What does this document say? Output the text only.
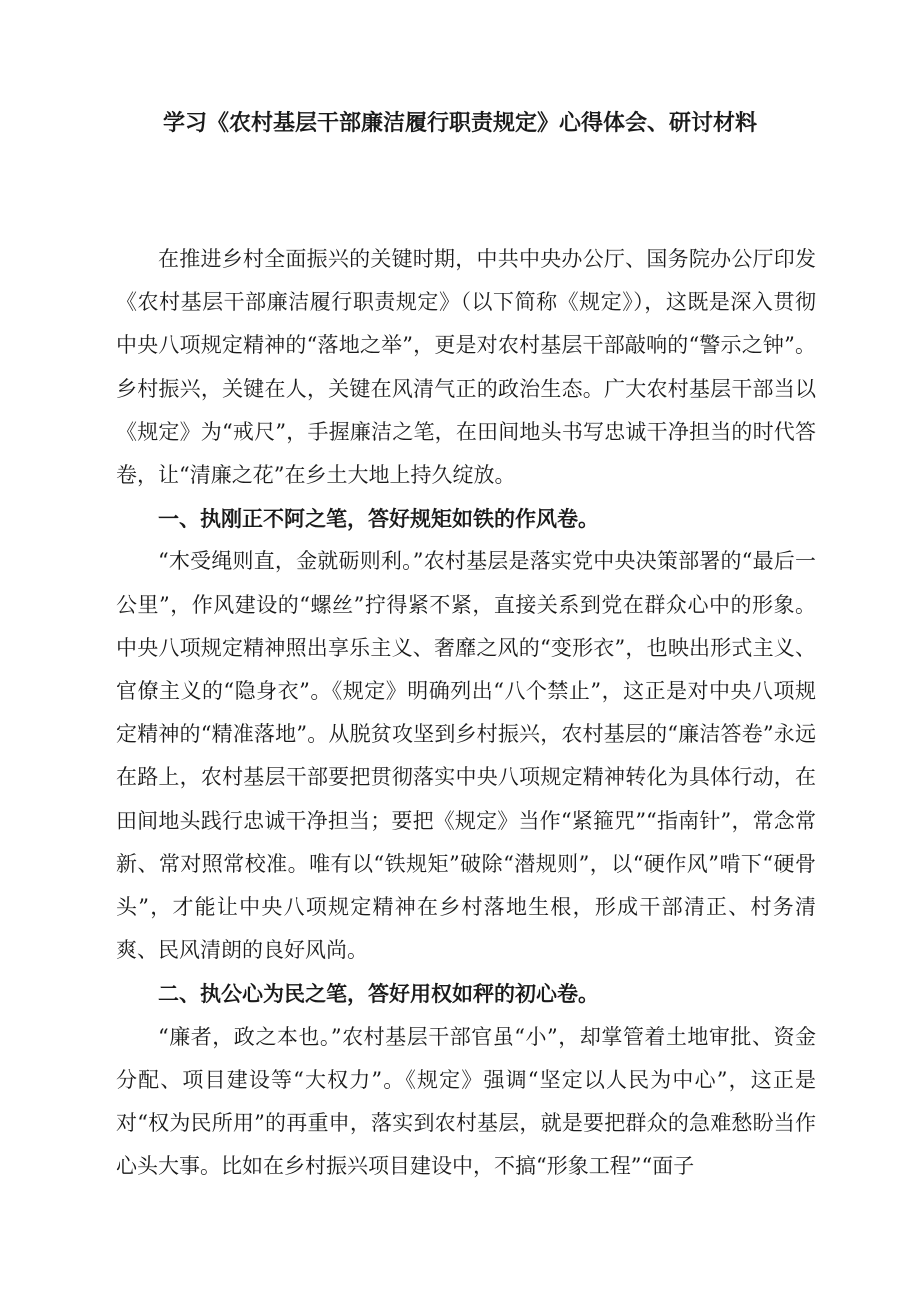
学习《农村基层干部廉洁履行职责规定》心得体会、研讨材料

在推进乡村全面振兴的关键时期，中共中央办公厅、国务院办公厅印发《农村基层干部廉洁履行职责规定》（以下简称《规定》），这既是深入贯彻中央八项规定精神的“落地之举”，更是对农村基层干部敲响的“警示之钟”。乡村振兴，关键在人，关键在风清气正的政治生态。广大农村基层干部当以《规定》为“戒尺”，手握廉洁之笔，在田间地头书写忠诚干净担当的时代答卷，让“清廉之花”在乡土大地上持久绽放。

一、执刚正不阿之笔，答好规矩如铁的作风卷。

“木受绳则直，金就砺则利。”农村基层是落实党中央决策部署的“最后一公里”，作风建设的“螺丝”拧得紧不紧，直接关系到党在群众心中的形象。中央八项规定精神照出享乐主义、奢靡之风的“变形衣”，也映出形式主义、官僚主义的“隐身衣”。《规定》明确列出“八个禁止”，这正是对中央八项规定精神的“精准落地”。从脱贫攻坚到乡村振兴，农村基层的“廉洁答卷”永远在路上，农村基层干部要把贯彻落实中央八项规定精神转化为具体行动，在田间地头践行忠诚干净担当；要把《规定》当作“紧箍咒”“指南针”，常念常新、常对照常校准。唯有以“铁规矩”破除“潜规则”，以“硬作风”啃下“硬骨头”，才能让中央八项规定精神在乡村落地生根，形成干部清正、村务清爽、民风清朗的良好风尚。

二、执公心为民之笔，答好用权如秤的初心卷。

“廉者，政之本也。”农村基层干部官虽“小”，却掌管着土地审批、资金分配、项目建设等“大权力”。《规定》强调“坚定以人民为中心”，这正是对“权为民所用”的再重申，落实到农村基层，就是要把群众的急难愁盼当作心头大事。比如在乡村振兴项目建设中，不搞“形象工程”“面子
